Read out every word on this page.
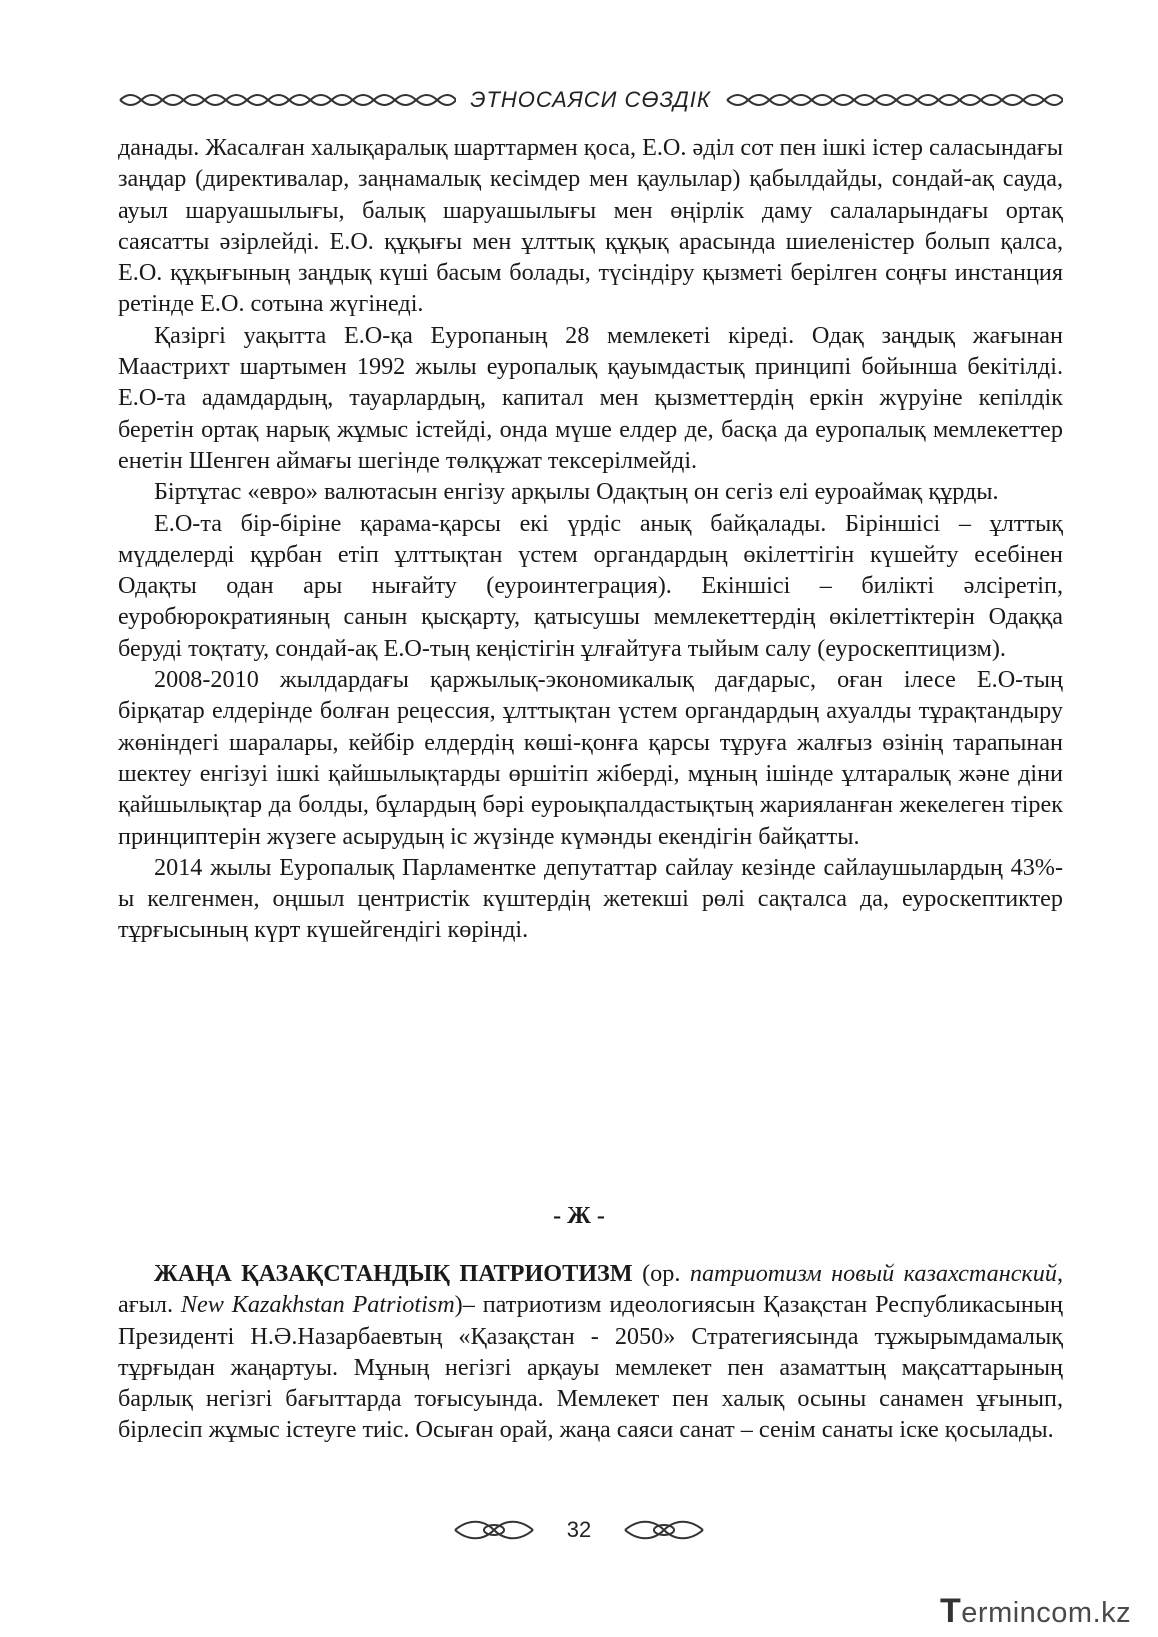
ЭТНОСАЯСИ СӨЗДІК

данады. Жасалған халықаралық шарттармен қоса, Е.О. әділ сот пен ішкі істер саласындағы заңдар (директивалар, заңнамалық кесімдер мен қаулылар) қабылдайды, сондай-ақ сауда, ауыл шаруашылығы, балық шаруашылығы мен өңірлік даму салаларындағы ортақ саясатты әзірлейді. Е.О. құқығы мен ұлттық құқық арасында шиеленістер болып қалса, Е.О. құқығының заңдық күші басым болады, түсіндіру қызметі берілген соңғы инстанция ретінде Е.О. сотына жүгінеді.

Қазіргі уақытта Е.О-қа Еуропаның 28 мемлекеті кіреді. Одақ заңдық жағынан Маастрихт шартымен 1992 жылы еуропалық қауымдастық принципі бойынша бекітілді. Е.О-та адамдардың, тауарлардың, капитал мен қызметтердің еркін жүруіне кепілдік беретін ортақ нарық жұмыс істейді, онда мүше елдер де, басқа да еуропалық мемлекеттер енетін Шенген аймағы шегінде төлқұжат тексерілмейді.

Біртұтас «евро» валютасын енгізу арқылы Одақтың он сегіз елі еуроаймақ құрды.

Е.О-та бір-біріне қарама-қарсы екі үрдіс анық байқалады. Біріншісі – ұлттық мүдделерді құрбан етіп ұлттықтан үстем органдардың өкілеттігін күшейту есебінен Одақты одан ары нығайту (еуроинтеграция). Екіншісі – билікті әлсіретіп, еуробюрократияның санын қысқарту, қатысушы мемлекеттердің өкілеттіктерін Одаққа беруді тоқтату, сондай-ақ Е.О-тың кеңістігін ұлғайтуға тыйым салу (еуроскептицизм).

2008-2010 жылдардағы қаржылық-экономикалық дағдарыс, оған ілесе Е.О-тың бірқатар елдерінде болған рецессия, ұлттықтан үстем органдардың ахуалды тұрақтандыру жөніндегі шаралары, кейбір елдердің көші-қонға қарсы тұруға жалғыз өзінің тарапынан шектеу енгізуі ішкі қайшылықтарды өршітіп жіберді, мұның ішінде ұлтаралық және діни қайшылықтар да болды, бұлардың бәрі еуроықпалдастықтың жарияланған жекелеген тірек принциптерін жүзеге асырудың іс жүзінде күмәнды екендігін байқатты.

2014 жылы Еуропалық Парламентке депутаттар сайлау кезінде сайлаушылардың 43%-ы келгенмен, оңшыл центристік күштердің жетекші рөлі сақталса да, еуроскептиктер тұрғысының күрт күшейгендігі көрінді.

- Ж -

ЖАҢА ҚАЗАҚСТАНДЫҚ ПАТРИОТИЗМ (ор. патриотизм новый казахстанский, ағыл. New Kazakhstan Patriotism)– патриотизм идеологиясын Қазақстан Республикасының Президенті Н.Ә.Назарбаевтың «Қазақстан - 2050» Стратегиясында тұжырымдамалық тұрғыдан жаңартуы. Мұның негізгі арқауы мемлекет пен азаматтың мақсаттарының барлық негізгі бағыттарда тоғысуында. Мемлекет пен халық осыны санамен ұғынып, бірлесіп жұмыс істеуге тиіс. Осыған орай, жаңа саяси санат – сенім санаты іске қосылады.

32
Termincom.kz
